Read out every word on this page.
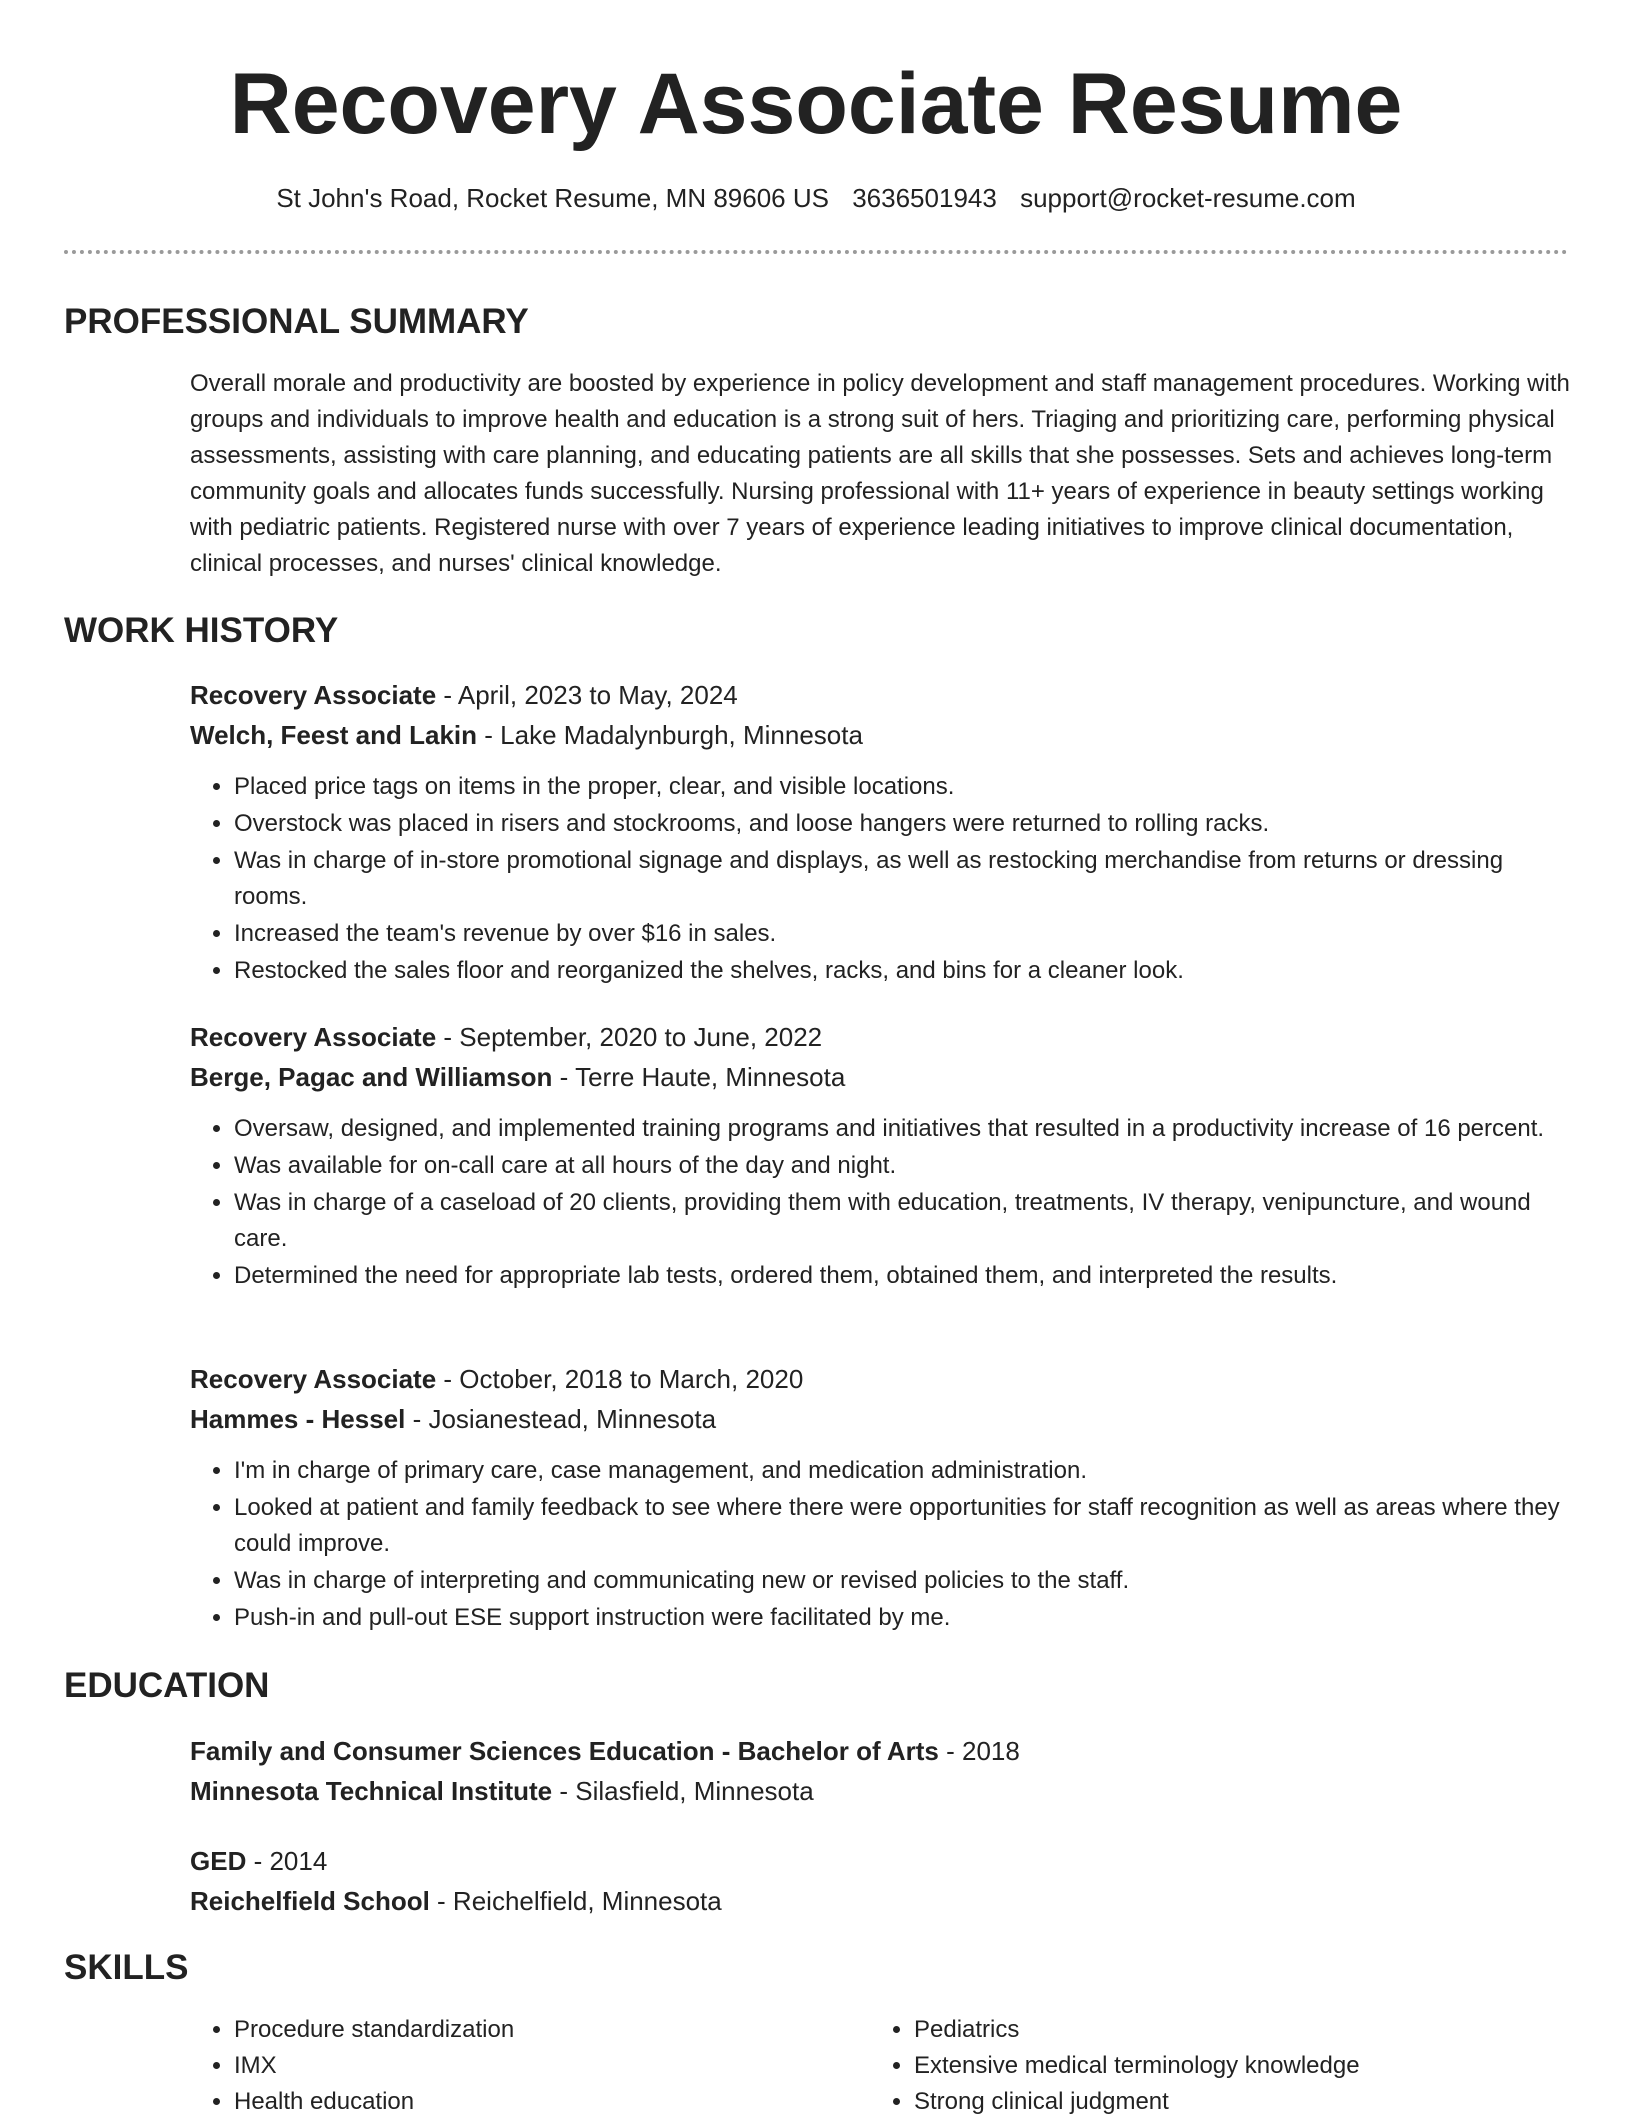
Recovery Associate Resume
St John's Road, Rocket Resume, MN 89606 US 3636501943 support@rocket-resume.com
PROFESSIONAL SUMMARY

Overall morale and productivity are boosted by experience in policy development and staff management procedures. Working with groups and individuals to improve health and education is a strong suit of hers. Triaging and prioritizing care, performing physical assessments, assisting with care planning, and educating patients are all skills that she possesses. Sets and achieves long-term community goals and allocates funds successfully. Nursing professional with 11+ years of experience in beauty settings working with pediatric patients. Registered nurse with over 7 years of experience leading initiatives to improve clinical documentation, clinical processes, and nurses' clinical knowledge.

WORK HISTORY

Recovery Associate - April, 2023 to May, 2024

Welch, Feest and Lakin - Lake Madalynburgh, Minnesota

• Placed price tags on items in the proper, clear, and visible locations.
• Overstock was placed in risers and stockrooms, and loose hangers were returned to rolling racks.
• Was in charge of in-store promotional signage and displays, as well as restocking merchandise from returns or dressing rooms.
• Increased the team's revenue by over $16 in sales.
• Restocked the sales floor and reorganized the shelves, racks, and bins for a cleaner look.

Recovery Associate - September, 2020 to June, 2022

Berge, Pagac and Williamson - Terre Haute, Minnesota

• Oversaw, designed, and implemented training programs and initiatives that resulted in a productivity increase of 16 percent.
• Was available for on-call care at all hours of the day and night.
• Was in charge of a caseload of 20 clients, providing them with education, treatments, IV therapy, venipuncture, and wound care.
• Determined the need for appropriate lab tests, ordered them, obtained them, and interpreted the results.

Recovery Associate - October, 2018 to March, 2020

Hammes - Hessel - Josianestead, Minnesota

• I'm in charge of primary care, case management, and medication administration.
• Looked at patient and family feedback to see where there were opportunities for staff recognition as well as areas where they could improve.
• Was in charge of interpreting and communicating new or revised policies to the staff.
• Push-in and pull-out ESE support instruction were facilitated by me.
EDUCATION

Family and Consumer Sciences Education - Bachelor of Arts - 2018

Minnesota Technical Institute - Silasfield, Minnesota

GED - 2014

Reichelfield School - Reichelfield, Minnesota

SKILLS
• Procedure standardization
• IMX
• Health education
• Pediatrics
• Extensive medical terminology knowledge
• Strong clinical judgment
